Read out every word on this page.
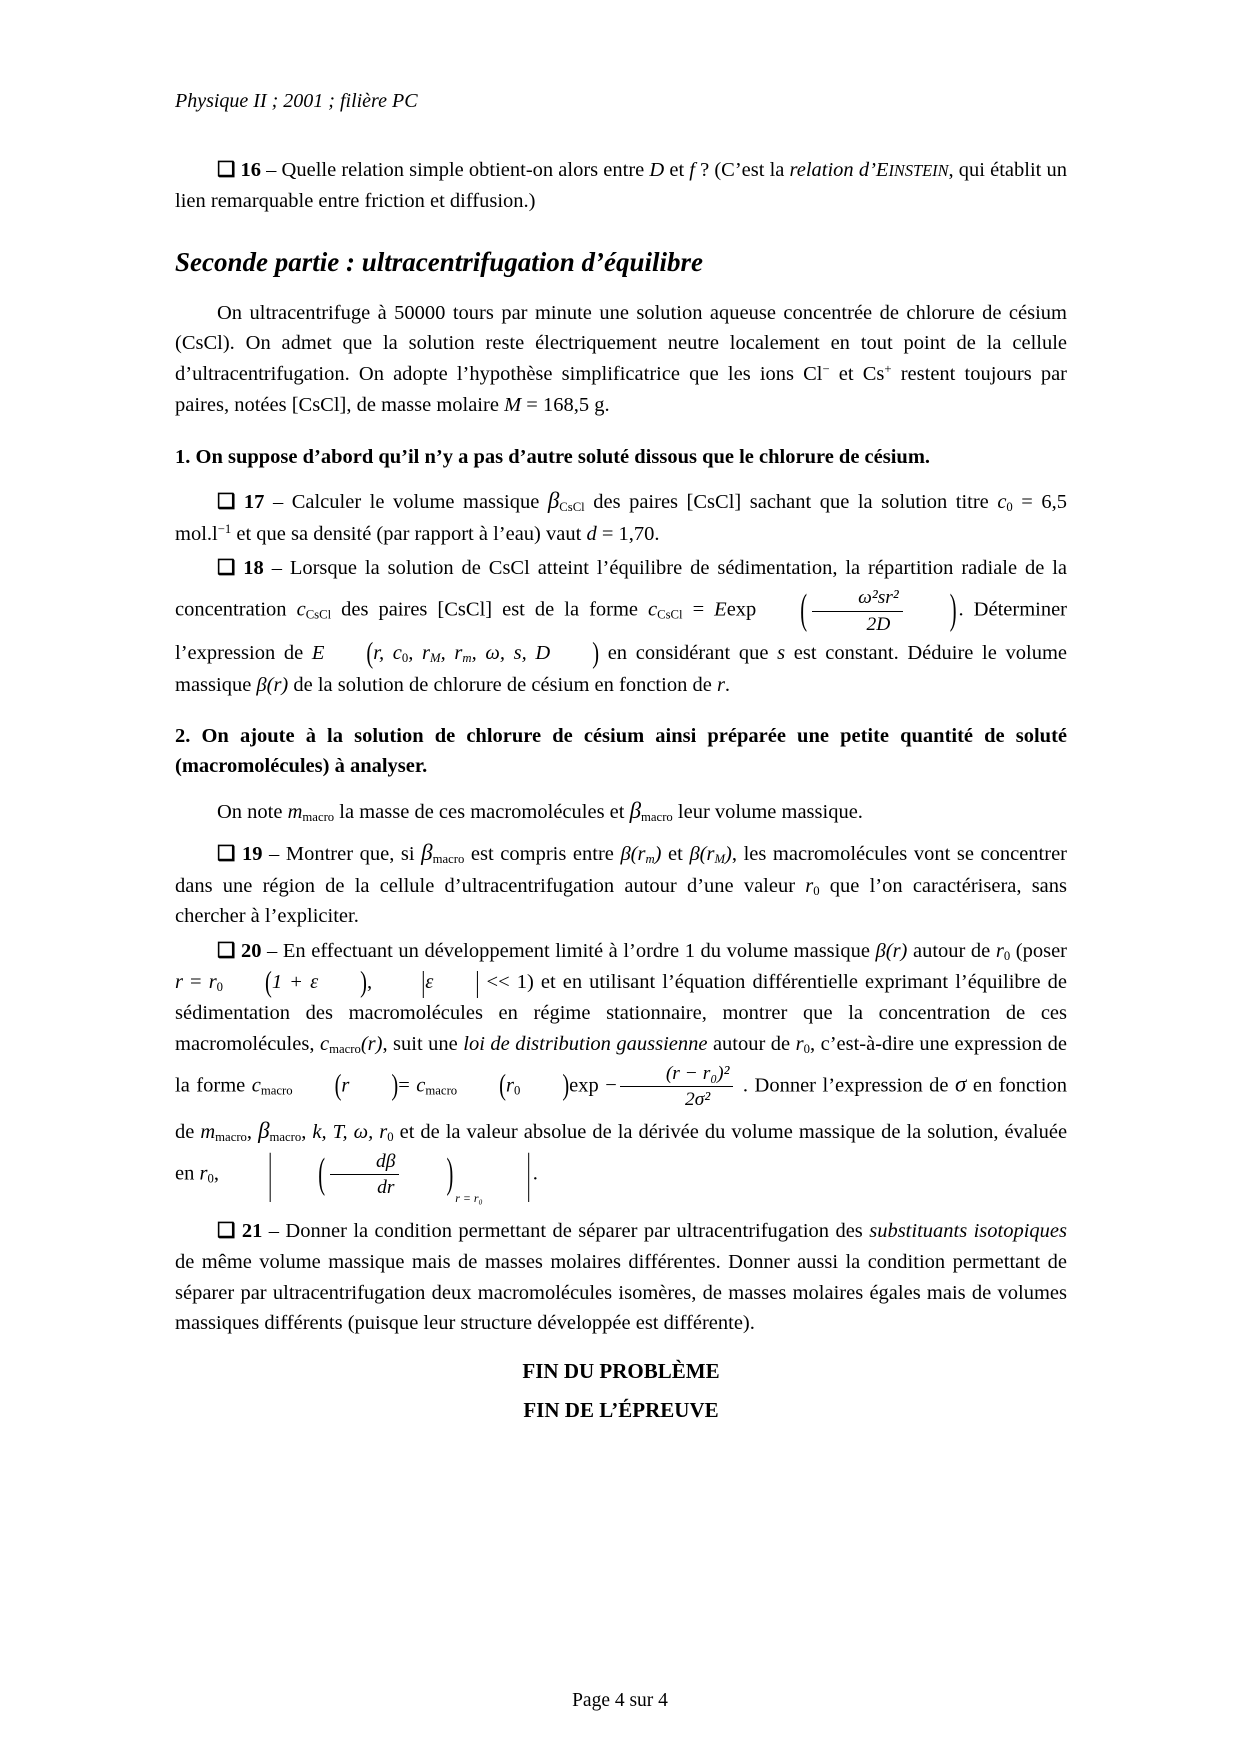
Physique II ; 2001 ; filière PC

❑ 16 – Quelle relation simple obtient-on alors entre D et f ? (C’est la relation d’EINSTEIN, qui établit un lien remarquable entre friction et diffusion.)

Seconde partie : ultracentrifugation d’équilibre

On ultracentrifuge à 50000 tours par minute une solution aqueuse concentrée de chlorure de césium (CsCl). On admet que la solution reste électriquement neutre localement en tout point de la cellule d’ultracentrifugation. On adopte l’hypothèse simplificatrice que les ions Cl− et Cs+ restent toujours par paires, notées [CsCl], de masse molaire M = 168,5 g.

1. On suppose d’abord qu’il n’y a pas d’autre soluté dissous que le chlorure de césium.

❑ 17 – Calculer le volume massique $\beta_{CsCl}$ des paires [CsCl] sachant que la solution titre $c_0 = 6,5$ $mol.l^{-1}$ et que sa densité (par rapport à l’eau) vaut d = 1,70.

❑ 18 – Lorsque la solution de CsCl atteint l’équilibre de sédimentation, la répartition radiale de la concentration $c_{CsCl}$ des paires [CsCl] est de la forme $c_{CsCl} = Eexp$ ( $\frac{\text{ω²sr²}}{2D}$ ). Déterminer l’expression de E (r, $c_0$, rM, rm, ω, s, D ) en considérant que s est constant. Déduire le volume massique β(r) de la solution de chlorure de césium en fonction de r.

2. On ajoute à la solution de chlorure de césium ainsi préparée une petite quantité de soluté (macromolécules) à analyser.

On note $m_{macro}$ la masse de ces macromolécules et $\beta_{macro}$ leur volume massique.

❑ 19 – Montrer que, si $\beta_{macro}$ est compris entre β(rm) et β(rM), les macromolécules vont se concentrer dans une région de la cellule d’ultracentrifugation autour d’une valeur $r_0$ que l’on caractérisera, sans chercher à l’expliciter.

❑ 20 – En effectuant un développement limité à l’ordre 1 du volume massique β(r) autour de $r_0$ (poser $r = r_0$ (1 + ε ), |ε | << 1) et en utilisant l’équation différentielle exprimant l’équilibre de sédimentation des macromolécules en régime stationnaire, montrer que la concentration de ces macromolécules, $c_{macro}(r)$, suit une loi de distribution gaussienne autour de $r_0$, c’est-à-dire une expression de la forme $c_{macro}$ (r )= $c_{macro}$ ($r_0$ )$\exp - \frac{\text{(r − r₀)²}}{\text{2σ²}}$ . Donner l’expression de σ en fonction de $m_{macro}$, $\beta_{macro}$, k, T, ω, $r_0$ et de la valeur absolue de la dérivée du volume massique de la solution, évaluée en $r_0$, | ( $\frac{d\beta}{dr} )_{r = r_0}$ |.

❑ 21 – Donner la condition permettant de séparer par ultracentrifugation des substituants isotopiques de même volume massique mais de masses molaires différentes. Donner aussi la condition permettant de séparer par ultracentrifugation deux macromolécules isomères, de masses molaires égales mais de volumes massiques différents (puisque leur structure développée est différente).

FIN DU PROBLÈME

FIN DE L’ÉPREUVE

Page 4 sur 4
